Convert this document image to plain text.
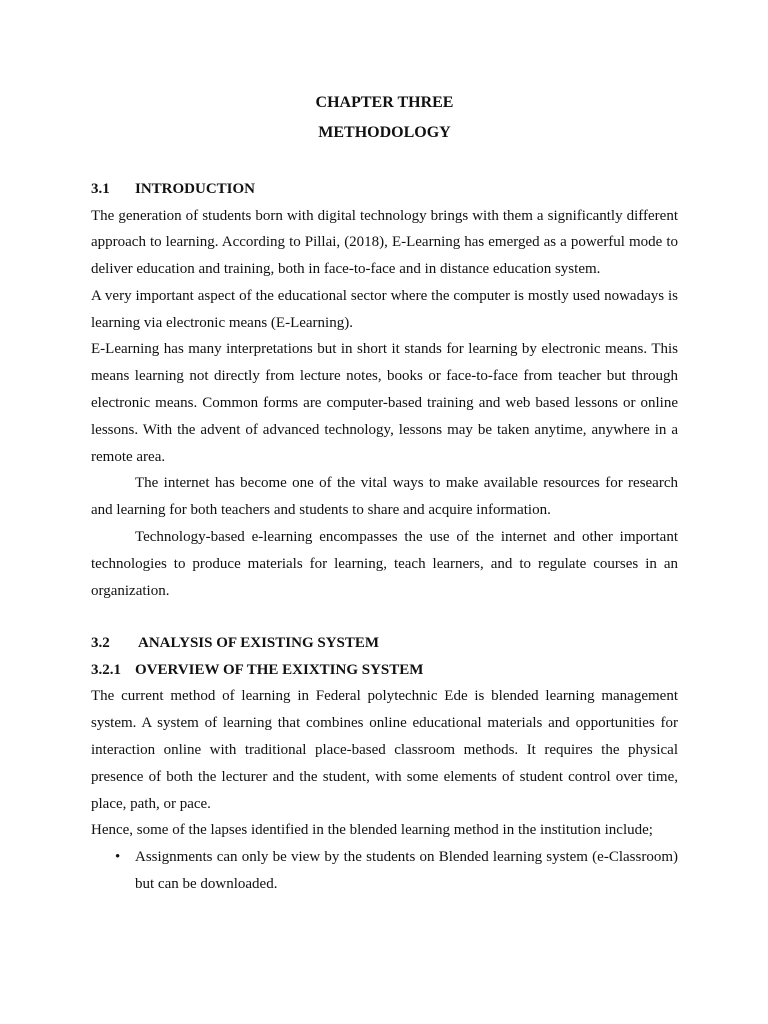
CHAPTER THREE
METHODOLOGY
3.1	INTRODUCTION

The generation of students born with digital technology brings with them a significantly different approach to learning. According to Pillai, (2018), E-Learning has emerged as a powerful mode to deliver education and training, both in face-to-face and in distance education system.

A very important aspect of the educational sector where the computer is mostly used nowadays is learning via electronic means (E-Learning).

E-Learning has many interpretations but in short it stands for learning by electronic means. This means learning not directly from lecture notes, books or face-to-face from teacher but through electronic means. Common forms are computer-based training and web based lessons or online lessons. With the advent of advanced technology, lessons may be taken anytime, anywhere in a remote area.

The internet has become one of the vital ways to make available resources for research and learning for both teachers and students to share and acquire information.

Technology-based e-learning encompasses the use of the internet and other important technologies to produce materials for learning, teach learners, and to regulate courses in an organization.

3.2	ANALYSIS OF EXISTING SYSTEM
3.2.1 OVERVIEW OF THE EXIXTING SYSTEM

The current method of learning in Federal polytechnic Ede is blended learning management system. A system of learning that combines online educational materials and opportunities for interaction online with traditional place-based classroom methods. It requires the physical presence of both the lecturer and the student, with some elements of student control over time, place, path, or pace.

Hence, some of the lapses identified in the blended learning method in the institution include;

• Assignments can only be view by the students on Blended learning system (e-Classroom) but can be downloaded.
